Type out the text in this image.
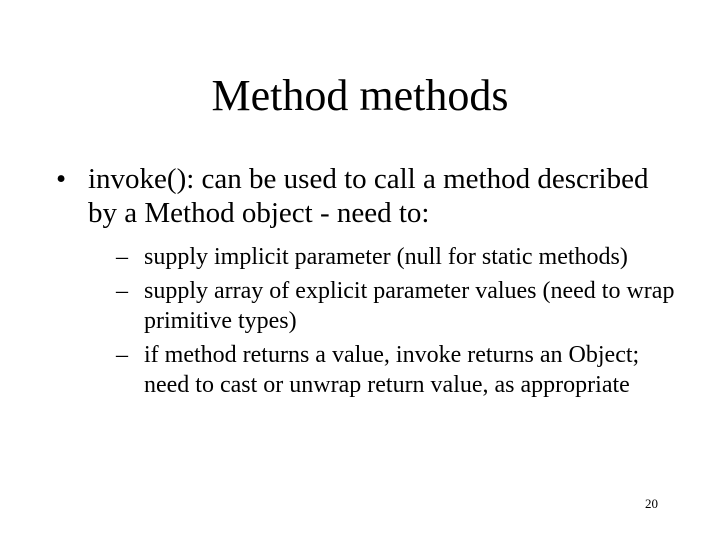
Method methods
• invoke(): can be used to call a method described by a Method object - need to:
– supply implicit parameter (null for static methods)
– supply array of explicit parameter values (need to wrap primitive types)
– if method returns a value, invoke returns an Object; need to cast or unwrap return value, as appropriate
20
